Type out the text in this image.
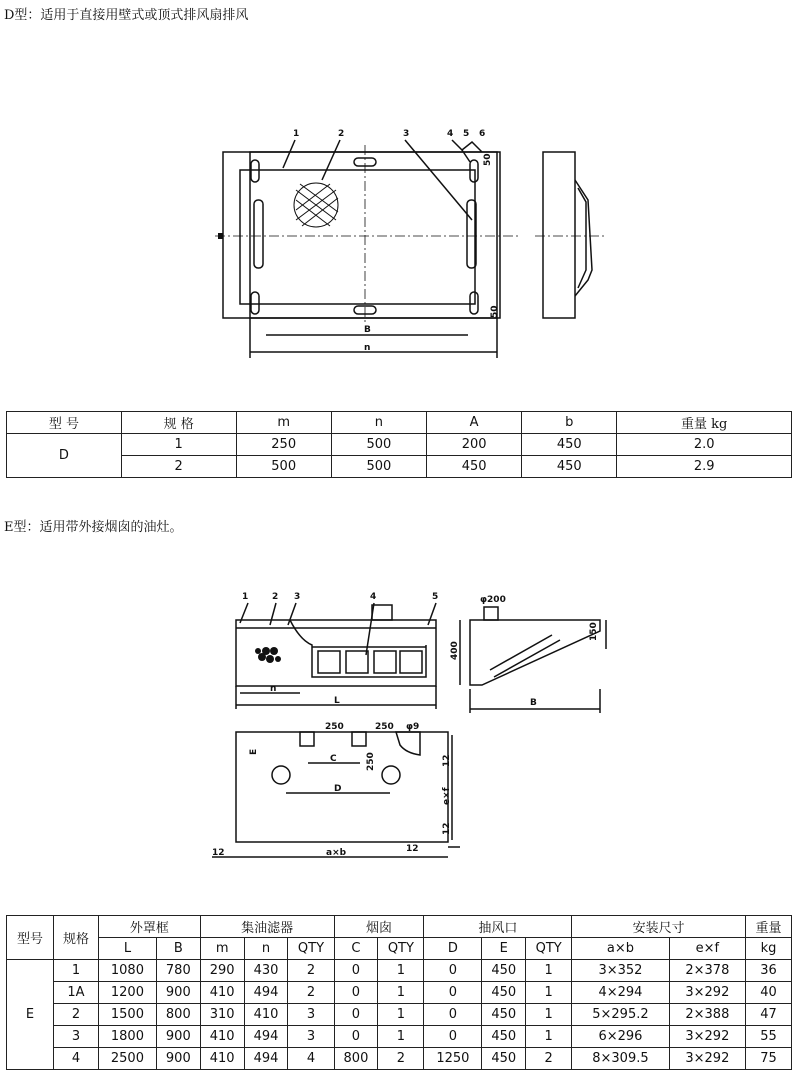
D型：适用于直接用壁式或顶式排风扇排风
1	2	3	4 5 6
50
50
B
n
型 号	规 格	m	n	A	b	重量 kg
D	1	250	500	200	450	2.0
	2	500	500	450	450	2.9
E型：适用带外接烟囱的油灶。
1	2 3	4	5	φ200
400
150
B
L
n
250	250 φ9
C
D
E
250	12
e×f
12
12	a×b	12
型号	规格	外罩框		集油滤器			烟囱		抽风口			安装尺寸		重量
		L	B	m	n	QTY	C	QTY	D	E	QTY	a×b	e×f	kg
E	1	1080	780	290	430	2	0	1	0	450	1	3×352	2×378	36
	1A	1200	900	410	494	2	0	1	0	450	1	4×294	3×292	40
	2	1500	800	310	410	3	0	1	0	450	1	5×295.2	2×388	47
	3	1800	900	410	494	3	0	1	0	450	1	6×296	3×292	55
	4	2500	900	410	494	4	800	2	1250	450	2	8×309.5	3×292	75
